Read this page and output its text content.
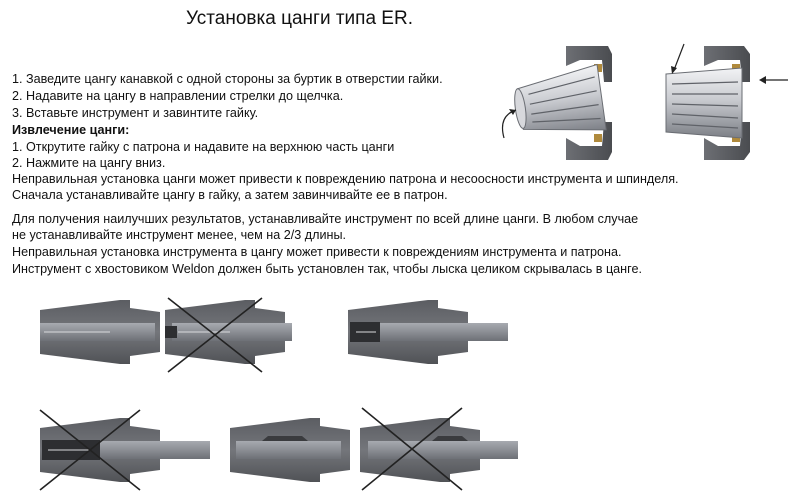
Установка цанги типа ER.
1. Заведите цангу канавкой с одной стороны за буртик в отверстии гайки.
2. Надавите на цангу в направлении стрелки до щелчка.
3. Вставьте инструмент и завинтите гайку.
Извлечение цанги:
1. Открутите гайку с патрона и надавите на верхнюю часть цанги
2. Нажмите на цангу вниз.
Неправильная установка цанги может привести к повреждению патрона и несоосности инструмента и шпинделя.
Сначала устанавливайте цангу в гайку, а затем завинчивайте ее в патрон.
Для получения наилучших результатов, устанавливайте инструмент по всей длине цанги. В любом случае
не устанавливайте инструмент менее, чем на 2/3 длины.
Неправильная установка инструмента в цангу может привести к повреждениям инструмента и патрона.
Инструмент с хвостовиком Weldon должен быть установлен так, чтобы лыска целиком скрывалась в цанге.
